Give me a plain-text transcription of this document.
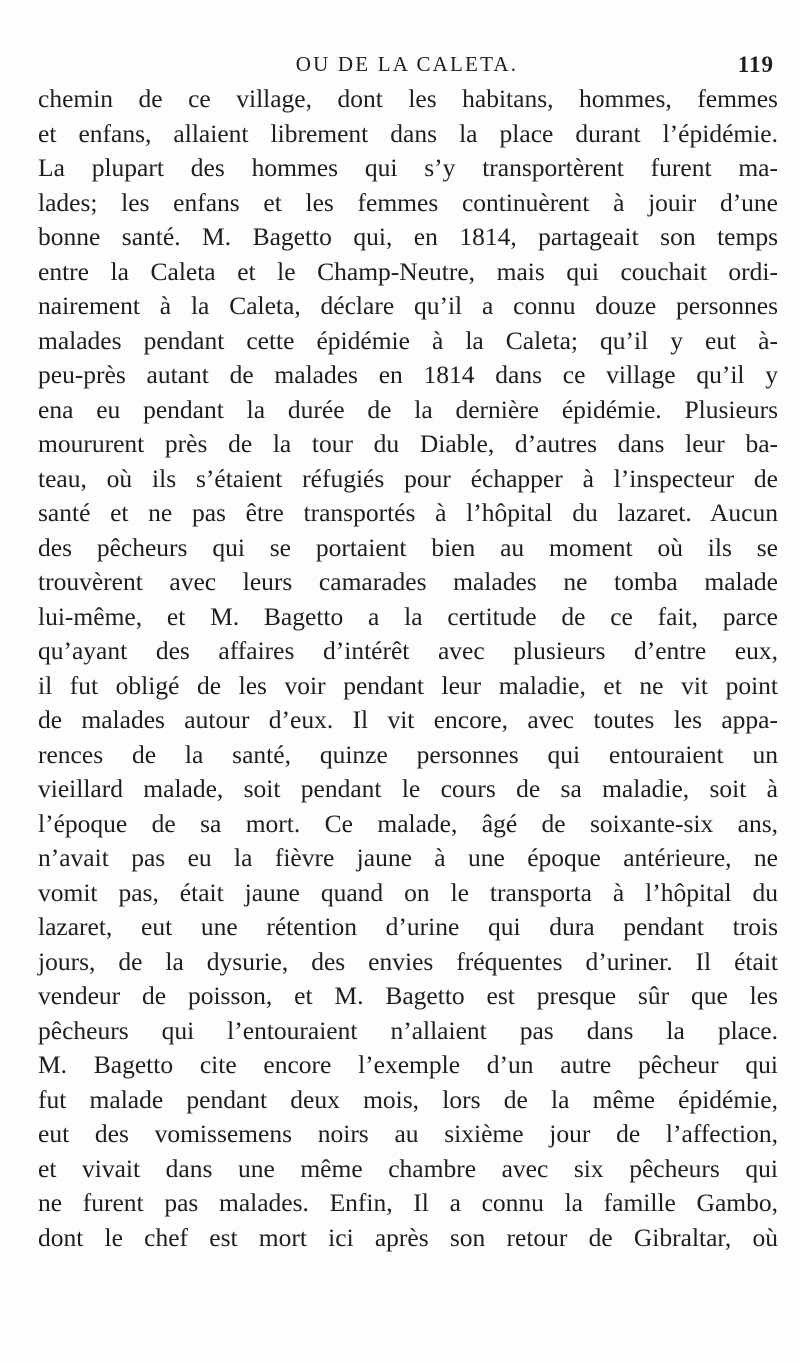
OU DE LA CALETA.	119
chemin de ce village, dont les habitans, hommes, femmes
et enfans, allaient librement dans la place durant l’épidémie.
La plupart des hommes qui s’y transportèrent furent ma-
lades; les enfans et les femmes continuèrent à jouir d’une
bonne santé. M. Bagetto qui, en 1814, partageait son temps
entre la Caleta et le Champ-Neutre, mais qui couchait ordi-
nairement à la Caleta, déclare qu’il a connu douze personnes
malades pendant cette épidémie à la Caleta; qu’il y eut à-
peu-près autant de malades en 1814 dans ce village qu’il y
ena eu pendant la durée de la dernière épidémie. Plusieurs
moururent près de la tour du Diable, d’autres dans leur ba-
teau, où ils s’étaient réfugiés pour échapper à l’inspecteur de
santé et ne pas être transportés à l’hôpital du lazaret. Aucun
des pêcheurs qui se portaient bien au moment où ils se
trouvèrent avec leurs camarades malades ne tomba malade
lui-même, et M. Bagetto a la certitude de ce fait, parce
qu’ayant des affaires d’intérêt avec plusieurs d’entre eux,
il fut obligé de les voir pendant leur maladie, et ne vit point
de malades autour d’eux. Il vit encore, avec toutes les appa-
rences de la santé, quinze personnes qui entouraient un
vieillard malade, soit pendant le cours de sa maladie, soit à
l’époque de sa mort. Ce malade, âgé de soixante-six ans,
n’avait pas eu la fièvre jaune à une époque antérieure, ne
vomit pas, était jaune quand on le transporta à l’hôpital du
lazaret, eut une rétention d’urine qui dura pendant trois
jours, de la dysurie, des envies fréquentes d’uriner. Il était
vendeur de poisson, et M. Bagetto est presque sûr que les
pêcheurs qui l’entouraient n’allaient pas dans la place.
M. Bagetto cite encore l’exemple d’un autre pêcheur qui
fut malade pendant deux mois, lors de la même épidémie,
eut des vomissemens noirs au sixième jour de l’affection,
et vivait dans une même chambre avec six pêcheurs qui
ne furent pas malades. Enfin, Il a connu la famille Gambo,
dont le chef est mort ici après son retour de Gibraltar, où
